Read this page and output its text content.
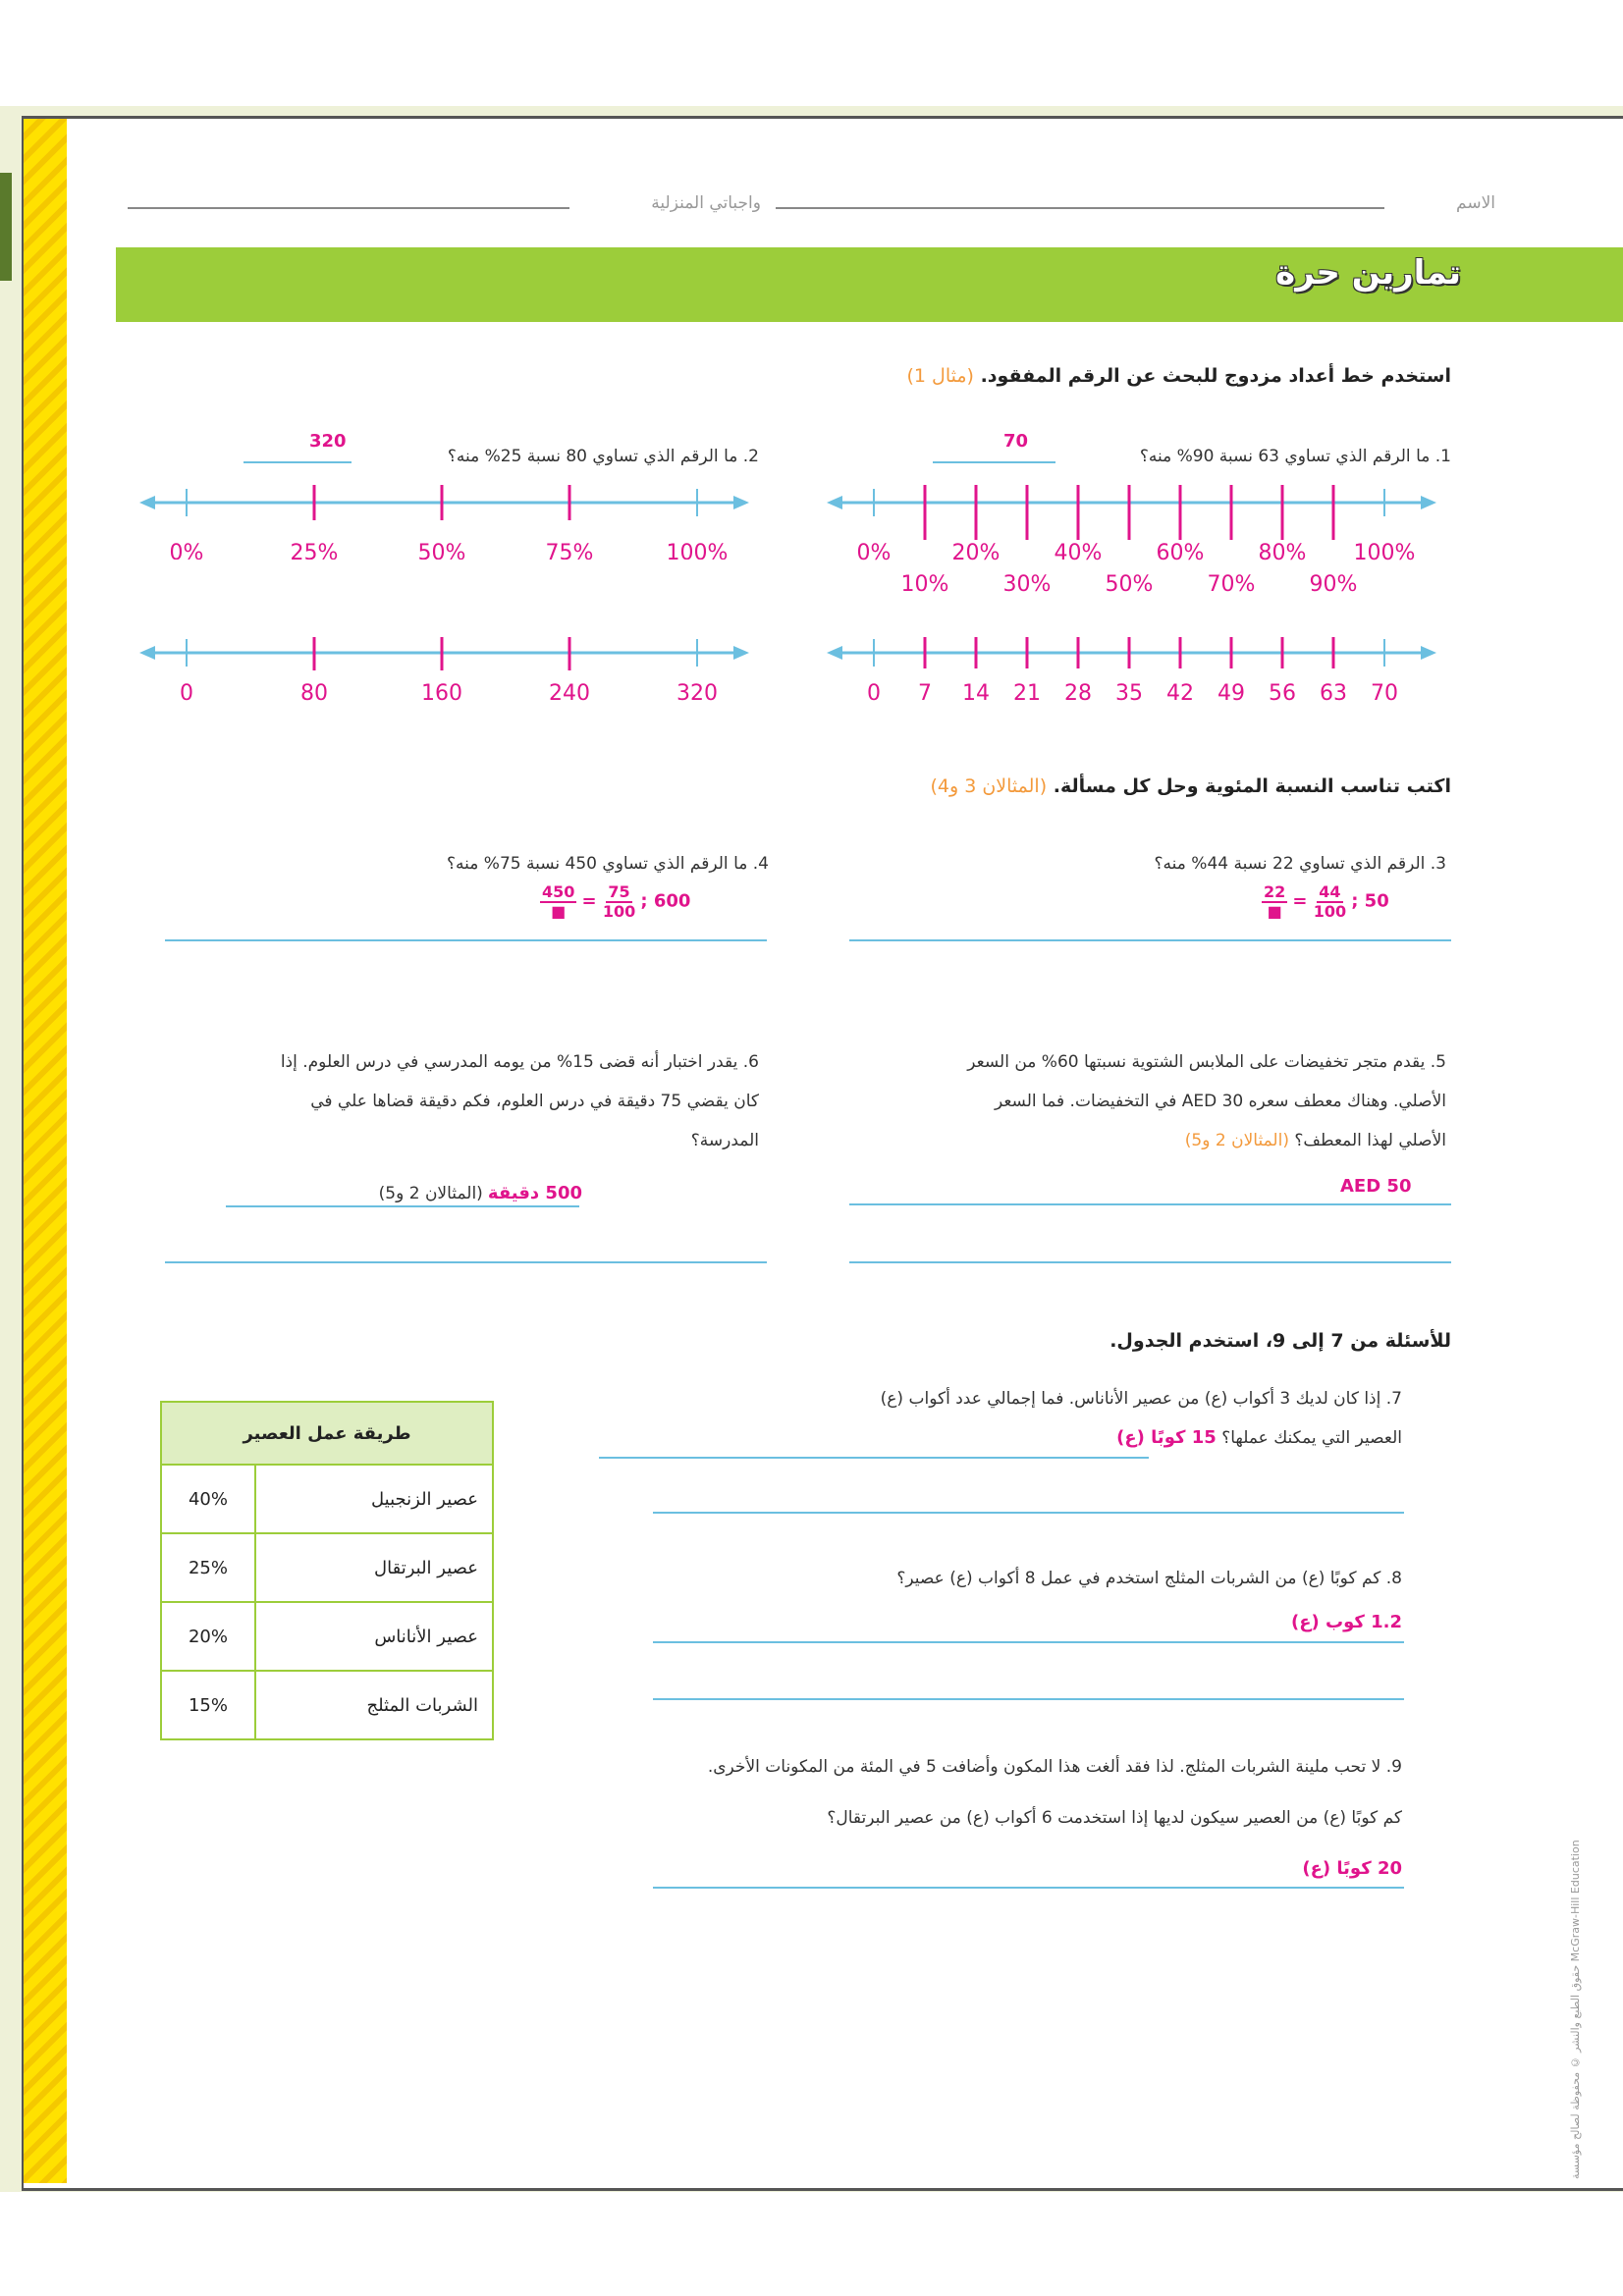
الاسم
واجباتي المنزلية
تمارين حرة
استخدم خط أعداد مزدوج للبحث عن الرقم المفقود. (مثال 1)
1. ما الرقم الذي تساوي 63 نسبة 90% منه؟
70
2. ما الرقم الذي تساوي 80 نسبة 25% منه؟
320
0%	20%	40%	60%	80% 100%
10%	30%	50%	70%	90%
0 7 14 21 28 35 42 49 56 63 70
0%	25%	50%	75%	100%
0	80	160	240	320
اكتب تناسب النسبة المئوية وحل كل مسألة. (المثالان 3 و4)
3. الرقم الذي تساوي 22 نسبة 44% منه؟
$\frac{22}{■} = \frac{44}{100}$ ; 50
4. ما الرقم الذي تساوي 450 نسبة 75% منه؟
$\frac{450}{■} = \frac{75}{100}$ ; 600
5. يقدم متجر تخفيضات على الملابس الشتوية نسبتها 60% من السعر
الأصلي. وهناك معطف سعره 30 AED في التخفيضات. فما السعر
الأصلي لهذا المعطف؟ (المثالان 2 و5)
AED 50
6. يقدر اختبار أنه قضى 15% من يومه المدرسي في درس العلوم. إذا
كان يقضي 75 دقيقة في درس العلوم، فكم دقيقة قضاها علي في
المدرسة؟
500 دقيقة (المثالان 2 و5)
للأسئلة من 7 إلى 9، استخدم الجدول.
7. إذا كان لديك 3 أكواب (ع) من عصير الأناناس. فما إجمالي عدد أكواب (ع)
العصير التي يمكنك عملها؟ 15 كوبًا (ع)
8. كم كوبًا (ع) من الشربات المثلج استخدم في عمل 8 أكواب (ع) عصير؟
1.2 كوب (ع)
9. لا تحب ملينة الشربات المثلج. لذا فقد ألغت هذا المكون وأضافت 5 في المئة من المكونات الأخرى.
كم كوبًا (ع) من العصير سيكون لديها إذا استخدمت 6 أكواب (ع) من عصير البرتقال؟
20 كوبًا (ع)
طريقة عمل العصير	
عصير الزنجبيل	40%
عصير البرتقال	25%
عصير الأناناس	20%
الشربات المثلج	15%
حقوق الطبع والنشر © محفوظة لصالح مؤسسة McGraw-Hill Education
